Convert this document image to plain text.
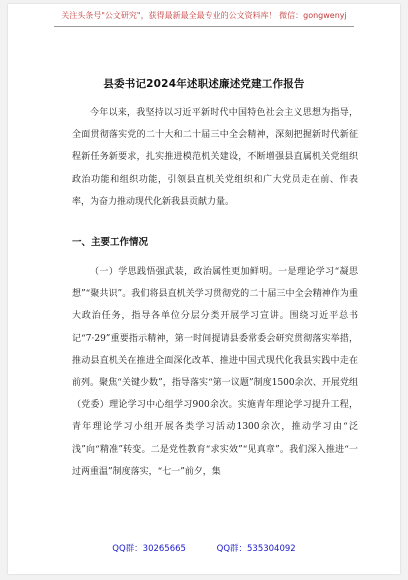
关注头条号"公文研究"，获得最新最全最专业的公文资料库！ 微信：gongwenyj
县委书记2024年述职述廉述党建工作报告

今年以来，我坚持以习近平新时代中国特色社会主义思想为指导，全面贯彻落实党的二十大和二十届三中全会精神，深刻把握新时代新征程新任务新要求，扎实推进模范机关建设，不断增强县直属机关党组织政治功能和组织功能，引领县直机关党组织和广大党员走在前、作表率，为奋力推动现代化新我县贡献力量。

一、主要工作情况

（一）学思践悟强武装，政治属性更加鲜明。一是理论学习“凝思想”“聚共识”。我们将县直机关学习贯彻党的二十届三中全会精神作为重大政治任务，指导各单位分层分类开展学习宣讲。围绕习近平总书记“7·29”重要指示精神，第一时间提请县委常委会研究贯彻落实举措，推动县直机关在推进全面深化改革、推进中国式现代化我县实践中走在前列。聚焦“关键少数”，指导落实“第一议题”制度1500余次、开展党组（党委）理论学习中心组学习900余次。实施青年理论学习提升工程，青年理论学习小组开展各类学习活动1300余次，推动学习由“泛浅”向“精准”转变。二是党性教育“求实效”“见真章”。我们深入推进“一过两重温”制度落实，“七一”前夕，集

QQ群：30265665	QQ群：535304092
